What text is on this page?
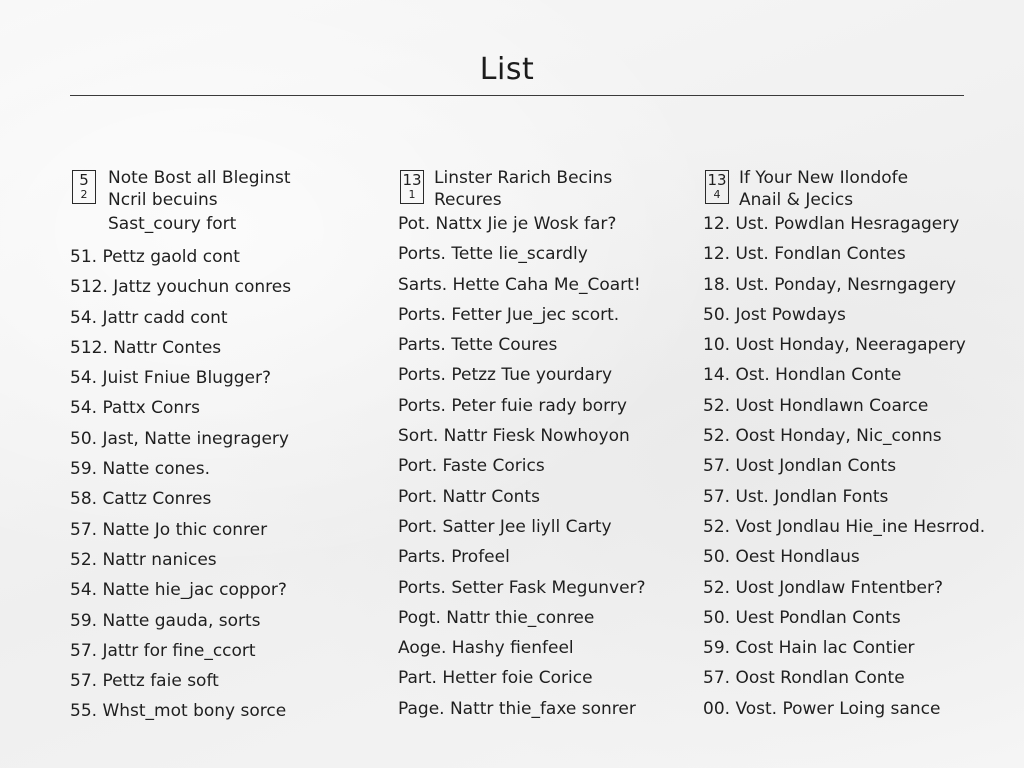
List
5
2
Note Bost all Bleginst
Ncril becuins
Sast_coury fort
51. Pettz gaold cont
512. Jattz youchun conres
54. Jattr cadd cont
512. Nattr Contes
54. Juist Fniue Blugger?
54. Pattx Conrs
50. Jast, Natte inegragery
59. Natte cones.
58. Cattz Conres
57. Natte Jo thic conrer
52. Nattr nanices
54. Natte hie_jac coppor?
59. Natte gauda, sorts
57. Jattr for fine_ccort
57. Pettz faie soft
55. Whst_mot bony sorce
13
1
Linster Rarich Becins
Recures
Pot. Nattx Jie je Wosk far?
Ports. Tette lie_scardly
Sarts. Hette Caha Me_Coart!
Ports. Fetter Jue_jec scort.
Parts. Tette Coures
Ports. Petzz Tue yourdary
Ports. Peter fuie rady borry
Sort. Nattr Fiesk Nowhoyon
Port. Faste Corics
Port. Nattr Conts
Port. Satter Jee liyll Carty
Parts. Profeel
Ports. Setter Fask Megunver?
Pogt. Nattr thie_conree
Aoge. Hashy fienfeel
Part. Hetter foie Corice
Page. Nattr thie_faxe sonrer
13
4
If Your New Ilondofe
Anail & Jecics
12. Ust. Powdlan Hesragagery
12. Ust. Fondlan Contes
18. Ust. Ponday, Nesrngagery
50. Jost Powdays
10. Uost Honday, Neeragapery
14. Ost. Hondlan Conte
52. Uost Hondlawn Coarce
52. Oost Honday, Nic_conns
57. Uost Jondlan Conts
57. Ust. Jondlan Fonts
52. Vost Jondlau Hie_ine Hesrrod.
50. Oest Hondlaus
52. Uost Jondlaw Fntentber?
50. Uest Pondlan Conts
59. Cost Hain lac Contier
57. Oost Rondlan Conte
00. Vost. Power Loing sance
